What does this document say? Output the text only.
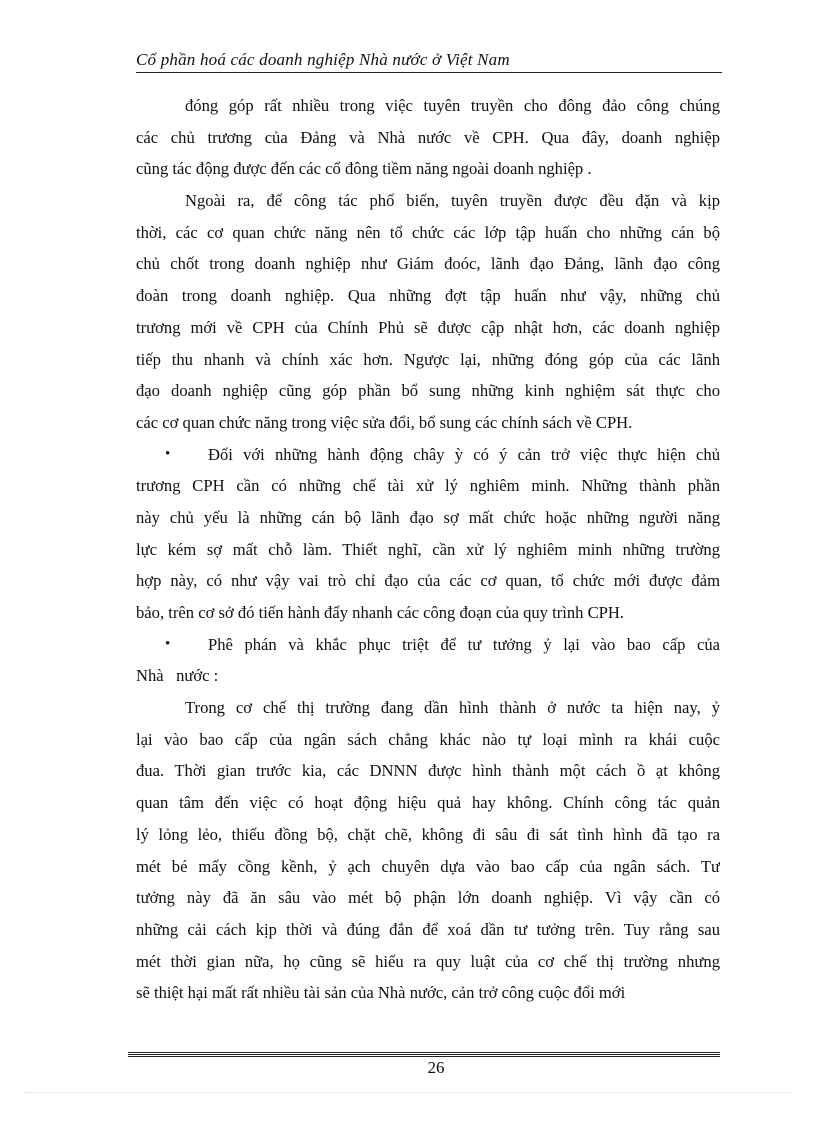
Cổ phần hoá các doanh nghiệp Nhà nước ở Việt Nam
đóng góp rất nhiều trong việc tuyên truyền cho đông đảo công chúng
các chủ trương của Đảng và Nhà nước về CPH. Qua đây, doanh nghiệp
cũng tác động được đến các cổ đông tiềm năng ngoài doanh nghiệp .
Ngoài ra, để công tác phổ biến, tuyên truyền được đều đặn và kịp
thời, các cơ quan chức năng nên tổ chức các lớp tập huấn cho những cán bộ
chủ chốt trong doanh nghiệp như Giám đoóc, lãnh đạo Đảng, lãnh đạo công
đoàn trong doanh nghiệp. Qua những đợt tập huấn như vậy, những chủ
trương mới về CPH của Chính Phủ sẽ được cập nhật hơn, các doanh nghiệp
tiếp thu nhanh và chính xác hơn. Ngược lại, những đóng góp của các lãnh
đạo doanh nghiệp cũng góp phần bổ sung những kinh nghiệm sát thực cho
các cơ quan chức năng trong việc sửa đổi, bổ sung các chính sách về CPH.
•	Đối với những hành động chây ỳ có ý cản trở việc thực hiện chủ
trương CPH cần có những chế tài xử lý nghiêm minh. Những thành phần
này chủ yếu là những cán bộ lãnh đạo sợ mất chức hoặc những người năng
lực kém sợ mất chỗ làm. Thiết nghĩ, cần xử lý nghiêm minh những trường
hợp này, có như vậy vai trò chỉ đạo của các cơ quan, tổ chức mới được đảm
bảo, trên cơ sở đó tiến hành đẩy nhanh các công đoạn của quy trình CPH.
•	Phê phán và khắc phục triệt để tư tưởng ỷ lại vào bao cấp của
Nhà   nước :
Trong cơ chế thị trường đang dần hình thành ở nước ta hiện nay, ỷ
lại vào bao cấp của ngân sách chẳng khác nào tự loại mình ra khái cuộc
đua. Thời gian trước kia, các DNNN được hình thành một cách ồ ạt không
quan tâm đến việc có hoạt động hiệu quả hay không. Chính công tác quản
lý lỏng lẻo, thiếu đồng bộ, chặt chẽ, không đi sâu đi sát tình hình đã tạo ra
mét bé mấy cồng kềnh, ỷ ạch chuyên dựa vào bao cấp của ngân sách. Tư
tưởng này đã ăn sâu vào mét bộ phận lớn doanh nghiệp. Vì vậy cần có
những cải cách kịp thời và đúng đắn để xoá dần tư tưởng trên. Tuy rằng sau
mét thời gian nữa, họ cũng sẽ hiểu ra quy luật của cơ chế thị trường nhưng
sẽ thiệt hại mất rất nhiều tài sản của Nhà nước, cản trở công cuộc đổi mới
26
